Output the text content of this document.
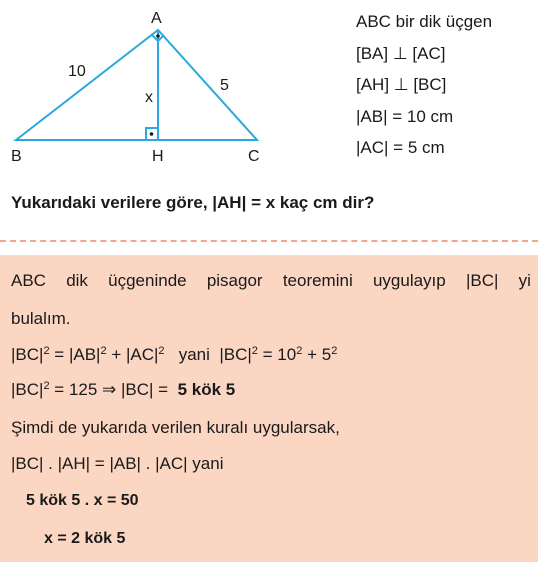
A
B	H	C
10
5
x
ABC bir dik üçgen
[BA] ⊥ [AC]
[AH] ⊥ [BC]
|AB| = 10 cm
|AC| = 5 cm
Yukarıdaki verilere göre, |AH| = x kaç cm dir?
ABC dik üçgeninde pisagor teoremini uygulayıp |BC| yi
bulalım.
$|BC|^2 = |AB|^2 + |AC|^2$   yani  $|BC|^2 = 10^2 + 5^2$
$|BC|^2 = 125$ ⇒ |BC| =  5 kök 5
Şimdi de yukarıda verilen kuralı uygularsak,
|BC| . |AH| = |AB| . |AC| yani
5 kök 5 . x = 50
x = 2 kök 5
